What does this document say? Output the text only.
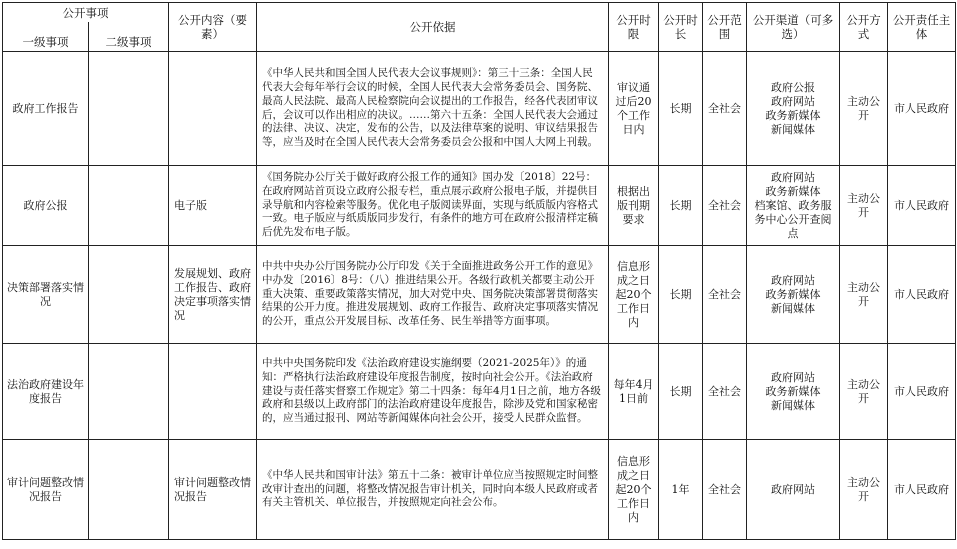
公开事项		公开内容（要素）	公开依据	公开时限	公开时长	公开范围	公开渠道（可多选）	公开方式	公开责任主体
一级事项	二级事项								
政府工作报告			《中华人民共和国全国人民代表大会议事规则》：第三十三条：全国人民代表大会每年举行会议的时候，全国人民代表大会常务委员会、国务院、最高人民法院、最高人民检察院向会议提出的工作报告，经各代表团审议后，会议可以作出相应的决议。……第六十五条：全国人民代表大会通过的法律、决议、决定，发布的公告，以及法律草案的说明、审议结果报告等，应当及时在全国人民代表大会常务委员会公报和中国人大网上刊载。	审议通过后20个工作日内	长期	全社会	政府公报
政府网站
政务新媒体
新闻媒体	主动公开	市人民政府
政府公报		电子版	《国务院办公厅关于做好政府公报工作的通知》国办发〔2018〕22号：在政府网站首页设立政府公报专栏，重点展示政府公报电子版，并提供目录导航和内容检索等服务。优化电子版阅读界面，实现与纸质版内容格式一致。电子版应与纸质版同步发行，有条件的地方可在政府公报清样定稿后优先发布电子版。	根据出版刊期要求	长期	全社会	政府网站
政务新媒体
档案馆、政务服务中心公开查阅点	主动公开	市人民政府
决策部署落实情况		发展规划、政府工作报告、政府决定事项落实情况	中共中央办公厅国务院办公厅印发《关于全面推进政务公开工作的意见》中办发〔2016〕8号：（八）推进结果公开。各级行政机关都要主动公开重大决策、重要政策落实情况，加大对党中央、国务院决策部署贯彻落实结果的公开力度。推进发展规划、政府工作报告、政府决定事项落实情况的公开，重点公开发展目标、改革任务、民生举措等方面事项。	信息形成之日起20个工作日内	长期	全社会	政府网站
政务新媒体
新闻媒体	主动公开	市人民政府
法治政府建设年度报告			中共中央国务院印发《法治政府建设实施纲要（2021-2025年）》的通知：严格执行法治政府建设年度报告制度，按时向社会公开。《法治政府建设与责任落实督察工作规定》第二十四条：每年4月1日之前，地方各级政府和县级以上政府部门的法治政府建设年度报告，除涉及党和国家秘密的，应当通过报刊、网站等新闻媒体向社会公开，接受人民群众监督。	每年4月1日前	长期	全社会	政府网站
政务新媒体
新闻媒体	主动公开	市人民政府
审计问题整改情况报告		审计问题整改情况报告	《中华人民共和国审计法》第五十二条：被审计单位应当按照规定时间整改审计查出的问题，将整改情况报告审计机关，同时向本级人民政府或者有关主管机关、单位报告，并按照规定向社会公布。	信息形成之日起20个工作日内	1年	全社会	政府网站	主动公开	市人民政府
